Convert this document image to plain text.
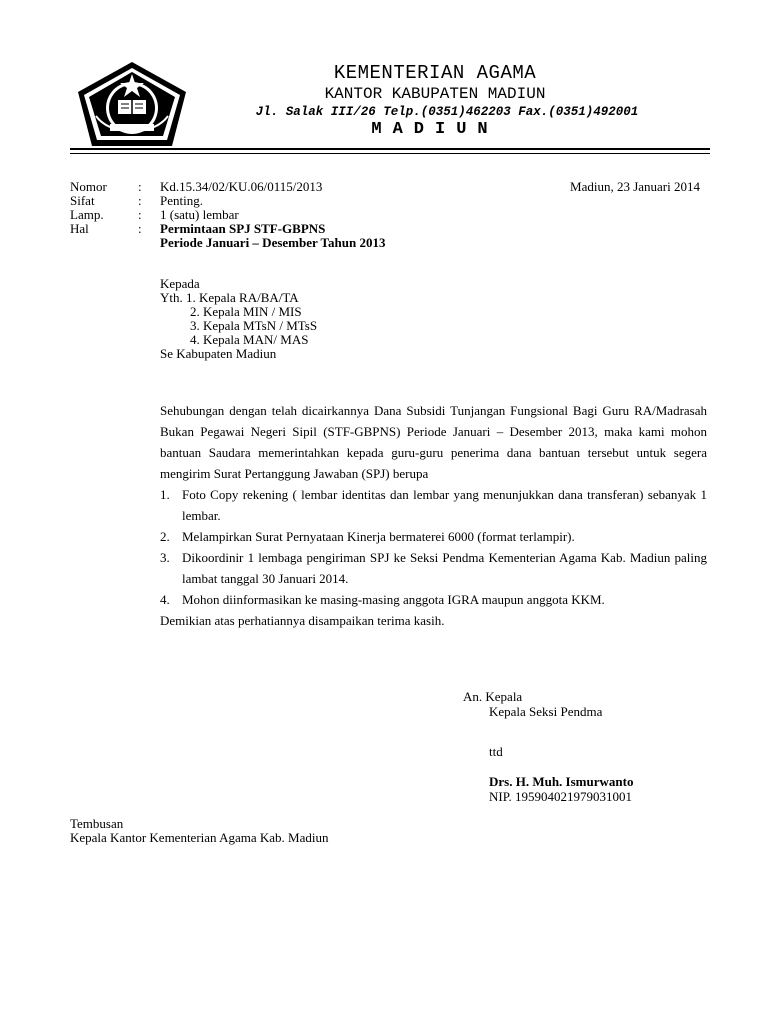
KEMENTERIAN AGAMA
KANTOR KABUPATEN MADIUN
Jl. Salak III/26 Telp.(0351)462203 Fax.(0351)492001
MADIUN
Nomor : Kd.15.34/02/KU.06/0115/2013
Sifat	: Penting.
Lamp.	: 1 (satu) lembar
Hal	: Permintaan SPJ STF-GBPNS
Periode Januari – Desember Tahun 2013
Madiun, 23 Januari 2014
Kepada
Yth. 1. Kepala RA/BA/TA
2. Kepala MIN / MIS
3. Kepala MTsN / MTsS
4. Kepala MAN/ MAS
Se Kabupaten Madiun
Sehubungan dengan telah dicairkannya Dana Subsidi Tunjangan Fungsional Bagi Guru RA/Madrasah Bukan Pegawai Negeri Sipil (STF-GBPNS) Periode Januari – Desember 2013, maka kami mohon bantuan Saudara memerintahkan kepada guru-guru penerima dana bantuan tersebut untuk segera mengirim Surat Pertanggung Jawaban (SPJ) berupa
1. Foto Copy rekening ( lembar identitas dan lembar yang menunjukkan dana transferan) sebanyak 1 lembar.
2. Melampirkan Surat Pernyataan Kinerja bermaterei 6000 (format terlampir).
3. Dikoordinir 1 lembaga pengiriman SPJ ke Seksi Pendma Kementerian Agama Kab. Madiun paling lambat tanggal 30 Januari 2014.
4. Mohon diinformasikan ke masing-masing anggota IGRA maupun anggota KKM.
Demikian atas perhatiannya disampaikan terima kasih.
An. Kepala
Kepala Seksi Pendma
ttd
Drs. H. Muh. Ismurwanto
NIP. 195904021979031001
Tembusan
Kepala Kantor Kementerian Agama Kab. Madiun
